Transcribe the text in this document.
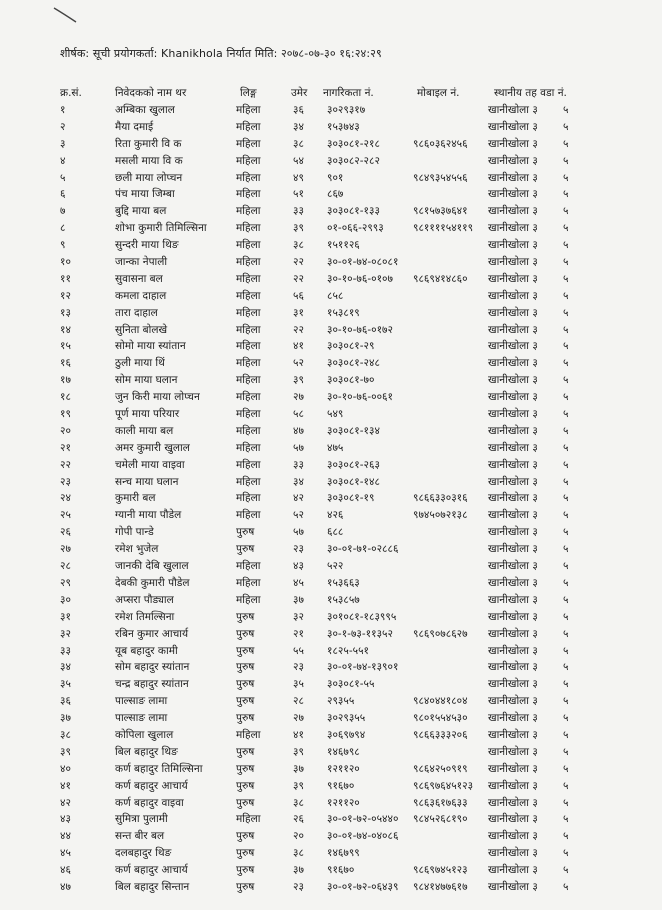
शीर्षक: सूची प्रयोगकर्ता: Khanikhola निर्यात मिति: २०७८-०७-३० १६:२४:२९
क्र.सं.	निवेदकको नाम थर	लिङ्ग	उमेर नागरिकता नं.	मोबाइल नं.	स्थानीय तह वडा नं.
१	अम्बिका खुलाल	महिला	३६ ३०२९३१७	खानीखोला ३ ५
२	मैया दमाई	महिला	३४ १५३७४३	खानीखोला ३ ५
३	रिता कुमारी वि क	महिला	३८ ३०३०८१-२१८	९८६०३६२४५६ खानीखोला ३ ५
४	मसली माया वि क	महिला	५४ ३०३०८२-२८२	खानीखोला ३ ५
५	छली माया लोप्चन	महिला	४९ ९०१	९८४९३५४५५६ खानीखोला ३ ५
६	पंच माया जिम्बा	महिला	५१ ८६७	खानीखोला ३ ५
७	बुद्दि माया बल	महिला	३३ ३०३०८१-१३३	९८१५७३७६४१ खानीखोला ३ ५
८	शोभा कुमारी तिमिल्सिना	महिला	३९ ०१-०६६-२९९३	९८११११५४११९ खानीखोला ३ ५
९	सुन्दरी माया थिङ	महिला	३८ १५११२६	खानीखोला ३ ५
१०	जान्का नेपाली	महिला	२२ ३०-०१-७४-०८०८१	खानीखोला ३ ५
११	सुवासना बल	महिला	२२ ३०-१०-७६-०१०७ ९८६९४१४८६० खानीखोला ३ ५
१२	कमला दाहाल	महिला	५६ ८५८	खानीखोला ३ ५
१३	तारा दाहाल	महिला	३१ १५३८१९	खानीखोला ३ ५
१४	सुनिता बोलखे	महिला	२२ ३०-१०-७६-०१७२	खानीखोला ३ ५
१५	सोमो माया स्यांतान	महिला	४१ ३०३०८१-२९	खानीखोला ३ ५
१६	ठुली माया थिं	महिला	५२ ३०३०८१-२४८	खानीखोला ३ ५
१७	सोम माया घलान	महिला	३९ ३०३०८१-७०	खानीखोला ३ ५
१८	जुन किरी माया लोप्चन	महिला	२७ ३०-१०-७६-००६१	खानीखोला ३ ५
१९	पूर्ण माया परियार	महिला	५८ ५४९	खानीखोला ३ ५
२०	काली माया बल	महिला	४७ ३०३०८१-१३४	खानीखोला ३ ५
२१	अमर कुमारी खुलाल	महिला	५७ ४७५	खानीखोला ३ ५
२२	चमेली माया वाइवा	महिला	३३ ३०३०८१-२६३	खानीखोला ३ ५
२३	सन्च माया घलान	महिला	३४ ३०३०८१-१४८	खानीखोला ३ ५
२४	कुमारी बल	महिला	४२ ३०३०८१-१९	९८६६३३०३१६ खानीखोला ३ ५
२५	ग्यानी माया पौडेल	महिला	५२ ४२६	९७४५०७२१३८ खानीखोला ३ ५
२६	गोपी पान्डे	पुरुष	५७ ६८८	खानीखोला ३ ५
२७	रमेश भुजेल	पुरुष	२३ ३०-०१-७१-०२८८६	खानीखोला ३ ५
२८	जानकी देबि खुलाल	महिला	४३ ५२२	खानीखोला ३ ५
२९	देबकी कुमारी पौडेल	महिला	४५ १५३६६३	खानीखोला ३ ५
३०	अप्सरा पौड्याल	महिला	३७ १५३८५७	खानीखोला ३ ५
३१	रमेश तिमल्सिना	पुरुष	३२ ३०१०८१-१८३९९५	खानीखोला ३ ५
३२	रबिन कुमार आचार्य	पुरुष	२१ ३०-१-७३-११३५२ ९८६९०७८६२७ खानीखोला ३ ५
३३	यूब बहादुर कामी	पुरुष	५५ १८२५-५५१	खानीखोला ३ ५
३४	सोम बहादुर स्यांतान	पुरुष	२३ ३०-०१-७४-१३९०१	खानीखोला ३ ५
३५	चन्द्र बहादुर स्यांतान	पुरुष	३५ ३०३०८१-५५	खानीखोला ३ ५
३६	पाल्साङ लामा	पुरुष	२८ २९३५५	९८४०४४१८०४ खानीखोला ३ ५
३७	पाल्साङ लामा	पुरुष	२७ ३०२९३५५	९८०१५५४५३० खानीखोला ३ ५
३८	कोपिला खुलाल	महिला	४१ ३०६९७९४	९८६६३३३२०६ खानीखोला ३ ५
३९	बिल बहादुर थिङ	पुरुष	३९ १४६७९८	खानीखोला ३ ५
४०	कर्ण बहादुर तिमिल्सिना	पुरुष	३७ १२११२०	९८६४२५०९१९ खानीखोला ३ ५
४१	कर्ण बहादुर आचार्य	पुरुष	३९ ९१६७०	९८६९७६४५१२३ खानीखोला ३ ५
४२	कर्ण बहादुर वाइवा	पुरुष	३८ १२११२०	९८६३६१७६३३ खानीखोला ३ ५
४३	सुमित्रा पुलामी	महिला	२६ ३०-०१-७२-०५४४० ९८४५२६८१९० खानीखोला ३ ५
४४	सन्त बीर बल	पुरुष	२० ३०-०१-७४-०४०८६	खानीखोला ३ ५
४५	दलबहादुर थिङ	पुरुष	३८ १४६७९९	खानीखोला ३ ५
४६	कर्ण बहादुर आचार्य	पुरुष	३७ ९१६७०	९८६९७४५१२३ खानीखोला ३ ५
४७	बिल बहादुर सिन्तान	पुरुष	२३ ३०-०१-७२-०६४३९ ९८४१४७७६१७ खानीखोला ३ ५
